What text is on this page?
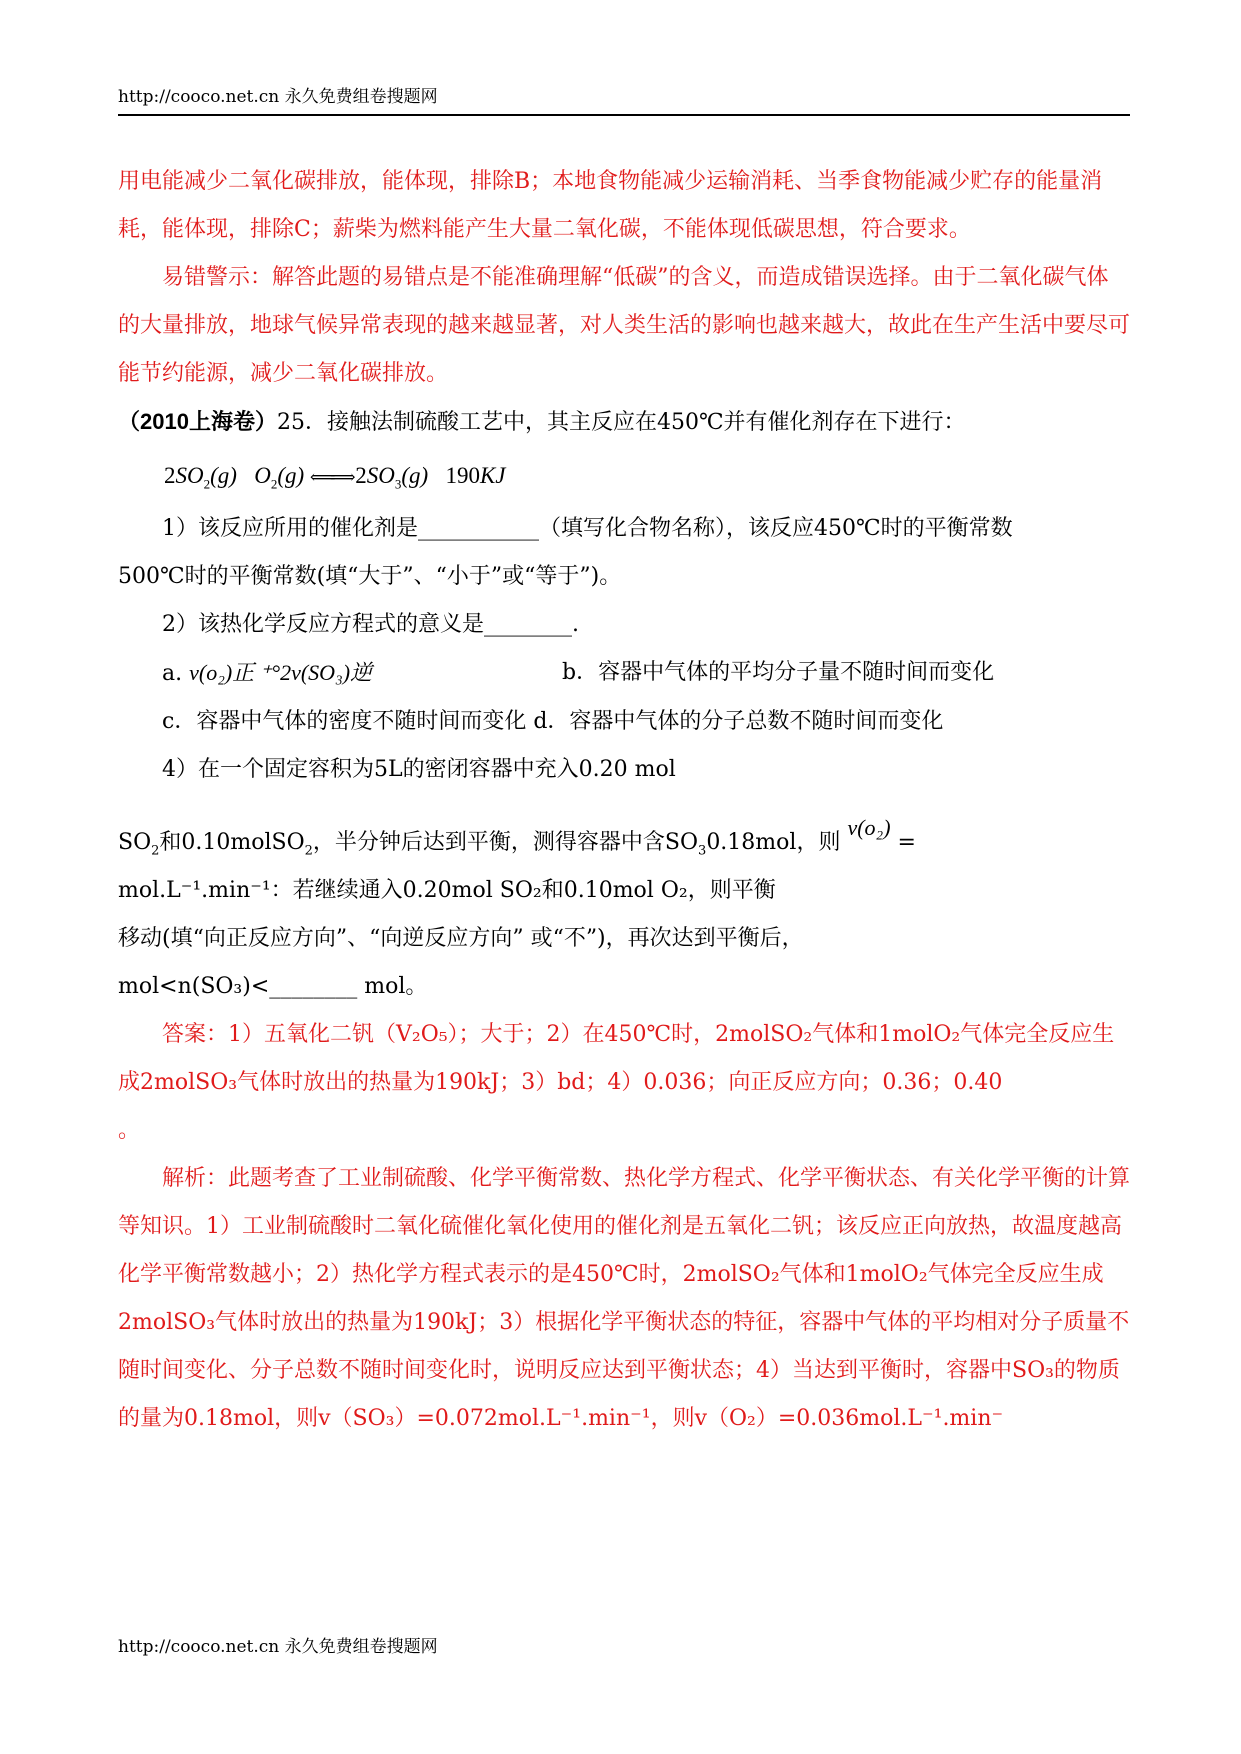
http://cooco.net.cn 永久免费组卷搜题网

用电能减少二氧化碳排放，能体现，排除B；本地食物能减少运输消耗、当季食物能减少贮存的能量消耗，能体现，排除C；薪柴为燃料能产生大量二氧化碳，不能体现低碳思想，符合要求。

易错警示：解答此题的易错点是不能准确理解“低碳”的含义，而造成错误选择。由于二氧化碳气体的大量排放，地球气候异常表现的越来越显著，对人类生活的影响也越来越大，故此在生产生活中要尽可能节约能源，减少二氧化碳排放。

（2010上海卷）25．接触法制硫酸工艺中，其主反应在450℃并有催化剂存在下进行：

$2SO_2(g)$ $O_2(g)$ ⟸⟹ $2SO_3(g)$ 190KJ

1）该反应所用的催化剂是___________（填写化合物名称），该反应450℃时的平衡常数

500℃时的平衡常数(填“大于”、“小于”或“等于”)。

2）该热化学反应方程式的意义是________.

a. v(o₂)正 ⁺°2v(SO₃)逆	b．容器中气体的平均分子量不随时间而变化

c．容器中气体的密度不随时间而变化 d．容器中气体的分子总数不随时间而变化

4）在一个固定容积为5L的密闭容器中充入0.20 mol

$SO_2$和0.10molSO$_2$，半分钟后达到平衡，测得容器中含$SO_30.18mol$，则 v(o₂) =

mol.L⁻¹.min⁻¹：若继续通入0.20mol SO₂和0.10mol O₂，则平衡

移动(填“向正反应方向”、“向逆反应方向” 或“不”)，再次达到平衡后，

mol<n(SO₃)<________ mol。

答案：1）五氧化二钒（V₂O₅）；大于；2）在450℃时，2molSO₂气体和1molO₂气体完全反应生成2molSO₃气体时放出的热量为190kJ；3）bd；4）0.036；向正反应方向；0.36；0.40

。

解析：此题考查了工业制硫酸、化学平衡常数、热化学方程式、化学平衡状态、有关化学平衡的计算等知识。1）工业制硫酸时二氧化硫催化氧化使用的催化剂是五氧化二钒；该反应正向放热，故温度越高化学平衡常数越小；2）热化学方程式表示的是450℃时，2molSO₂气体和1molO₂气体完全反应生成2molSO₃气体时放出的热量为190kJ；3）根据化学平衡状态的特征，容器中气体的平均相对分子质量不随时间变化、分子总数不随时间变化时，说明反应达到平衡状态；4）当达到平衡时，容器中SO₃的物质的量为0.18mol，则v（SO₃）=0.072mol.L⁻¹.min⁻¹，则v（O₂）=0.036mol.L⁻¹.min⁻

http://cooco.net.cn 永久免费组卷搜题网
